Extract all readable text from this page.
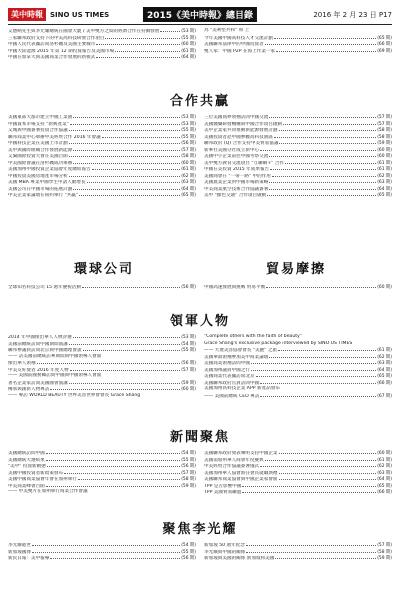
美中時報	SINO US TIMES	2015《美中時報》總目錄	2016 年 2 月 23 日 P17
艾德納先生與李光耀總統在國會大廈 / 美中雙方之間的經濟合作在持續發展	(53 期)
三家聯邦政府支持下的中美高科技研發合作項目	(55 期)
中國人民代表團訪問洛杉磯及美國主要城市	(60 期)
中國大陸能源 2015 年第 12 期投資報告及美國市場	(61 期)
中國在加拿大與美國商業合作發展的新模式	(64 期)
為 "美利堅共和" 和 上
今年美國中國高科技人才交流計劃	(65 期)
美國聯邦法律中的中國投資者	(66 期)
雙人家：中國 P2P 在海上作業一家	(69 期)
合作共贏
美國東部大都市建立中國工業園	(53 期)
中國資本市場支持 "新興產業"	(53 期)
艾城與中國簽署投資合作協議	(55 期)
聯邦商業中心舉辦中美經貿合作 2016 年會議	(55 期)
中國科技企業在美國上市計劃	(56 期)
美中與國際組織合作發展新能源	(57 期)
艾倫國際投資大會在美國召開	(58 期)
中美國際會議在洛杉磯成功舉辦	(60 期)
美國加州中國投資企業協會年度總結報告	(61 期)
中國投資美國房地產市場分析	(62 期)
美國 MBA 專業中國學生申請人數增長	(63 期)
美國公司在中國市場的拓展計劃	(64 期)
中美企業家論壇在紐約舉行 "共贏"	(65 期)
三位美國商界領袖訪問中國交流	(57 期)
美國醫藥研發機構與中國合作項目啟動	(57 期)
美中企業家共同推動新能源發展計劃	(58 期)
美國投資者赴中國參觀高科技園區	(58 期)
聯邦政府 (Q) 合作支持中美貿易協議	(59 期)
新華社美國分社成立新中心	(60 期)
美國中小企業前往中國考察交流	(60 期)
美中雙方教育交流項目 "互聯網+" 合作	(61 期)
中國在美投資 2015 年成果報告	(61 期)
美國商會在 "一帶一路" 中的作用	(62 期)
美國農業企業對中國市場新策略	(63 期)
中美商業航空技術合作協議簽署	(64 期)
美中 "綠色交通" 合作項目啟動	(65 期)
環球公司	貿易摩擦
全球知名科技公司 15 週年慶祝活動	(56 期) 中國高速發展與挑戰 貿易平衡	(60 期)
領軍人物
2014 年中國傑出華人人物評選	(53 期)
美國前總統訪問中國期間演講	(54 期)
聯邦參議員訪問北京與中國總理會談	(55 期)
—— 訪美國前總統訪華期間與中國領導人會面
傑出華人領袖	(56 期)
中美友好使者 2016 年度人物	(57 期)
—— 美國前國務卿訪問中國與中國領導人會面
著名企業家訪問美國國會演講	(59 期)
傳承與創新人物專訪	(60 期)
—— 專訪 WORLD BEAUTY 世界美容世界會會長 Grace Shang
"Complete others with the faith of beauty"
Grace Shang's exclusive package interviewed by SINO US TIMES
—— 大連美容協會會長 "美麗" 之旅	(61 期)
美國華裔領袖參加美中商業論壇	(62 期)
美國商業領袖訪問中國	(63 期)
美國加州議員中國之行	(64 期)
美國商業代表團訪問北京	(65 期)
美國聯邦政府官員訪問中國	(66 期)
美國加州高科技企業 APP 新產品發布
—— 美國前總統 CEO 專訪	(67 期)
新聞聚焦
美國總統訪問中國	(54 期)
美國總統大選結果	(55 期)
"美中" 投資新動態	(56 期)
美國中國投資者新政策發布	(57 期)
美國中國商業協會年會在加州舉行	(58 期)
中美商業峰會召開	(59 期)
—— 中美雙方在加州舉行商業合作會議
美國聯邦政府發表聲明支持中國企業	(60 期)
美國南加州華人商會年度慶典	(61 期)
中美經貿合作協議簽署儀式	(62 期)
美國加州華人協會新任會長就職典禮	(63 期)
美國聯邦商業協會與中國企業家會面	(64 期)
TPP 是否影響中國	(65 期)
TPP 美國貿易聯盟	(66 期)
聚焦李光耀
李光耀逝世	(54 期)
新加坡國葬	(55 期)
新民日報：美中報導	(56 期)
新加坡 50 週年紀念	(57 期)
李光耀與中國的關係	(58 期)
新加坡與美國的關係 新加坡和美國	(59 期)
